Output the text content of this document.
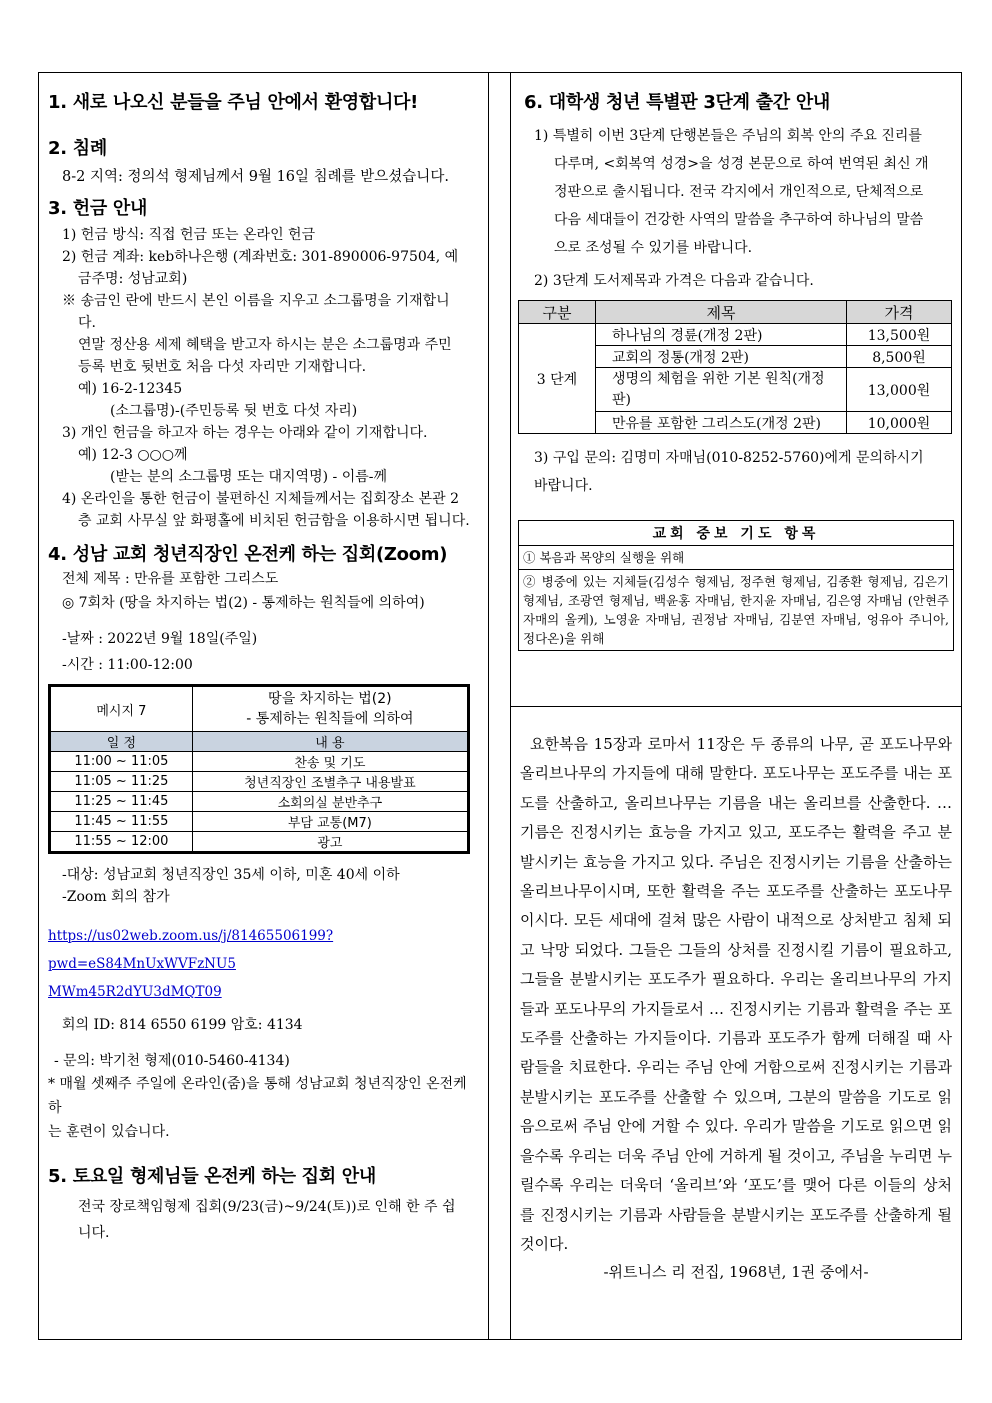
1. 새로 나오신 분들을 주님 안에서 환영합니다!
2. 침례

8-2 지역: 정의석 형제님께서 9월 16일 침례를 받으셨습니다.

3. 헌금 안내

1) 헌금 방식: 직접 헌금 또는 온라인 헌금

2) 헌금 계좌: keb하나은행 (계좌번호: 301-890006-97504, 예

금주명: 성남교회)

※ 송금인 란에 반드시 본인 이름을 지우고 소그룹명을 기재합니

다.

연말 정산용 세제 혜택을 받고자 하시는 분은 소그룹명과 주민

등록 번호 뒷번호 처음 다섯 자리만 기재합니다.

예) 16-2-12345

(소그룹명)-(주민등록 뒷 번호 다섯 자리)

3) 개인 헌금을 하고자 하는 경우는 아래와 같이 기재합니다.

예) 12-3 ○○○께

(받는 분의 소그룹명 또는 대지역명) - 이름-께

4) 온라인을 통한 헌금이 불편하신 지체들께서는 집회장소 본관 2

층 교회 사무실 앞 화평홀에 비치된 헌금함을 이용하시면 됩니다.

4. 성남 교회 청년직장인 온전케 하는 집회(Zoom)

전체 제목 : 만유를 포함한 그리스도

◎ 7회차 (땅을 차지하는 법(2) - 통제하는 원칙들에 의하여)

-날짜 : 2022년 9월 18일(주일)

-시간 : 11:00-12:00

메시지 7	땅을 차지하는 법(2)
- 통제하는 원칙들에 의하여

일 정	내 용
11:00 ~ 11:05	찬송 및 기도
11:05 ~ 11:25	청년직장인 조별추구 내용발표
11:25 ~ 11:45	소회의실 분반추구
11:45 ~ 11:55	부담 교통(M7)
11:55 ~ 12:00	광고

-대상: 성남교회 청년직장인 35세 이하, 미혼 40세 이하

-Zoom 회의 참가

https://us02web.zoom.us/j/81465506199?pwd=eS84MnUxWVFzNU5
MWm45R2dYU3dMQT09

회의 ID: 814 6550 6199 암호: 4134

- 문의: 박기천 형제(010-5460-4134)

* 매월 셋째주 주일에 온라인(줌)을 통해 성남교회 청년직장인 온전케 하

는 훈련이 있습니다.

5. 토요일 형제님들 온전케 하는 집회 안내

전국 장로책임형제 집회(9/23(금)~9/24(토))로 인해 한 주 쉽

니다.

6. 대학생 청년 특별판 3단계 출간 안내

1) 특별히 이번 3단계 단행본들은 주님의 회복 안의 주요 진리를

다루며, <회복역 성경>을 성경 본문으로 하여 번역된 최신 개

정판으로 출시됩니다. 전국 각지에서 개인적으로, 단체적으로

다음 세대들이 건강한 사역의 말씀을 추구하여 하나님의 말씀

으로 조성될 수 있기를 바랍니다.

2) 3단계 도서제목과 가격은 다음과 같습니다.

구분	제목	가격
3 단계	하나님의 경륜(개정 2판)	13,500원
	교회의 정통(개정 2판)	8,500원
	생명의 체험을 위한 기본 원칙(개정판)	13,000원
	만유를 포함한 그리스도(개정 2판)	10,000원

3) 구입 문의: 김명미 자매님(010-8252-5760)에게 문의하시기

바랍니다.

교회 중보 기도 항목
① 복음과 목양의 실행을 위해
② 병중에 있는 지체들(김성수 형제님, 정주현 형제님, 김종환 형제님, 김은기 형제님, 조광연 형제님, 백윤홍 자매님, 한지윤 자매님, 김은영 자매님 (안현주 자매의 올케), 노영윤 자매님, 권정남 자매님, 김분연 자매님, 엉유아 주니아, 정다온)을 위해

요한복음 15장과 로마서 11장은 두 종류의 나무, 곧 포도나무와 올리브나무의 가지들에 대해 말한다. 포도나무는 포도주를 내는 포도를 산출하고, 올리브나무는 기름을 내는 올리브를 산출한다. … 기름은 진정시키는 효능을 가지고 있고, 포도주는 활력을 주고 분발시키는 효능을 가지고 있다. 주님은 진정시키는 기름을 산출하는 올리브나무이시며, 또한 활력을 주는 포도주를 산출하는 포도나무이시다. 모든 세대에 걸쳐 많은 사람이 내적으로 상처받고 침체 되고 낙망 되었다. 그들은 그들의 상처를 진정시킬 기름이 필요하고, 그들을 분발시키는 포도주가 필요하다. 우리는 올리브나무의 가지들과 포도나무의 가지들로서 … 진정시키는 기름과 활력을 주는 포도주를 산출하는 가지들이다. 기름과 포도주가 함께 더해질 때 사람들을 치료한다. 우리는 주님 안에 거함으로써 진정시키는 기름과 분발시키는 포도주를 산출할 수 있으며, 그분의 말씀을 기도로 읽음으로써 주님 안에 거할 수 있다. 우리가 말씀을 기도로 읽으면 읽을수록 우리는 더욱 주님 안에 거하게 될 것이고, 주님을 누리면 누릴수록 우리는 더욱더 ‘올리브’와 ‘포도’를 맺어 다른 이들의 상처를 진정시키는 기름과 사람들을 분발시키는 포도주를 산출하게 될 것이다.

-위트니스 리 전집, 1968년, 1권 중에서-
